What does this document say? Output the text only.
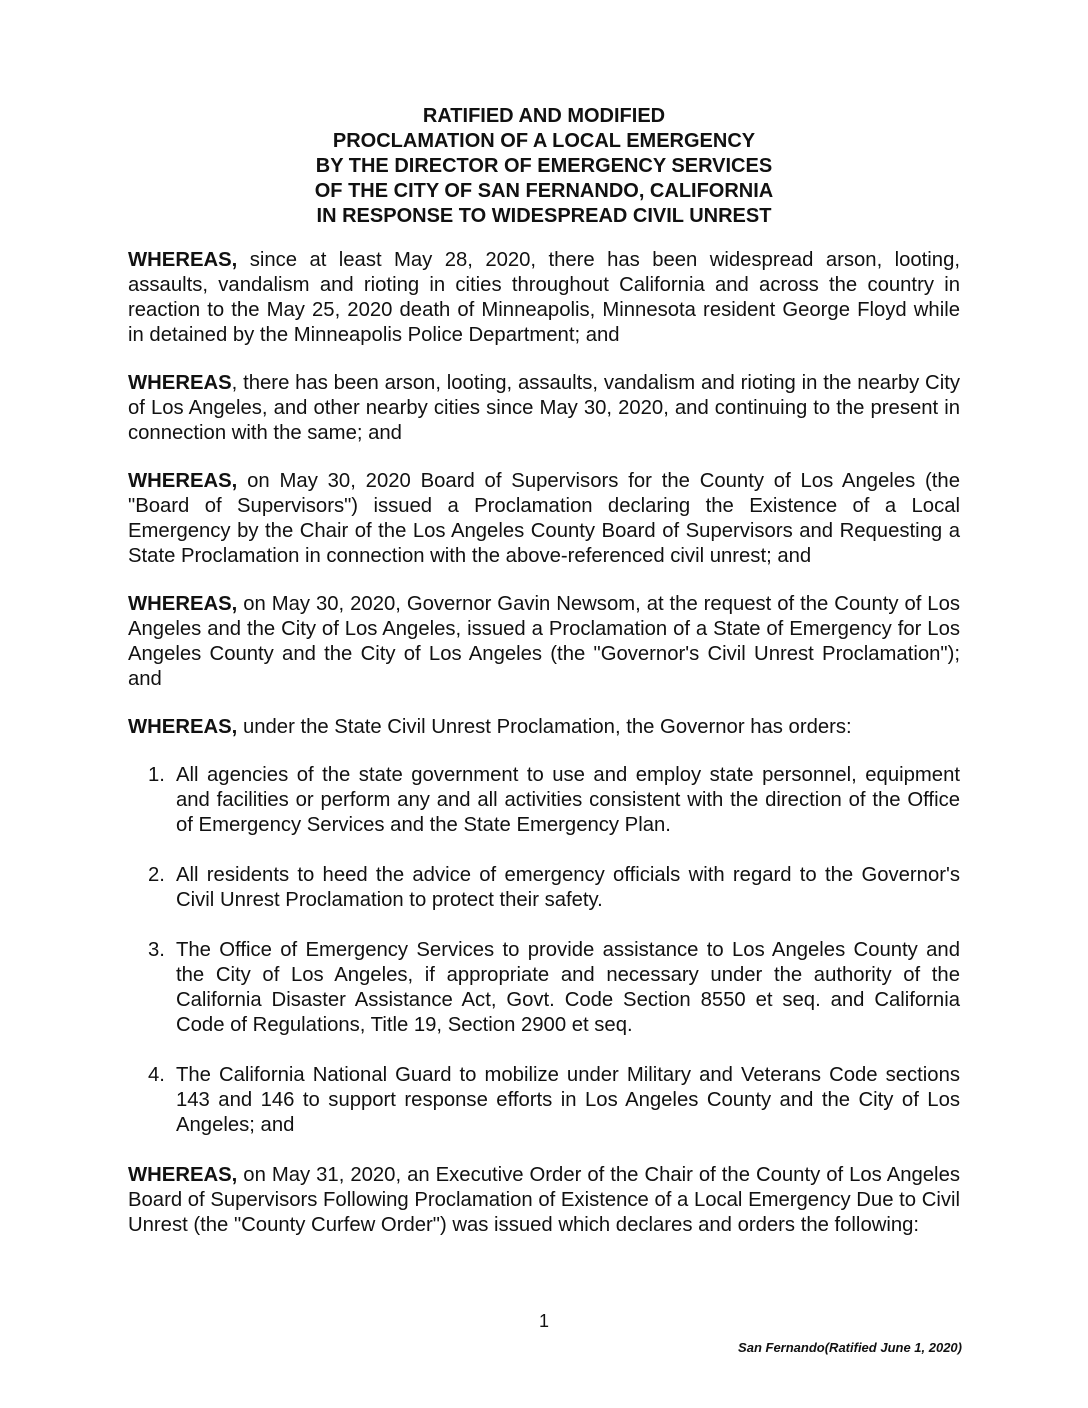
RATIFIED AND MODIFIED
PROCLAMATION OF A LOCAL EMERGENCY
BY THE DIRECTOR OF EMERGENCY SERVICES
OF THE CITY OF SAN FERNANDO, CALIFORNIA
IN RESPONSE TO WIDESPREAD CIVIL UNREST

WHEREAS, since at least May 28, 2020, there has been widespread arson, looting, assaults, vandalism and rioting in cities throughout California and across the country in reaction to the May 25, 2020 death of Minneapolis, Minnesota resident George Floyd while in detained by the Minneapolis Police Department; and

WHEREAS, there has been arson, looting, assaults, vandalism and rioting in the nearby City of Los Angeles, and other nearby cities since May 30, 2020, and continuing to the present in connection with the same; and

WHEREAS, on May 30, 2020 Board of Supervisors for the County of Los Angeles (the "Board of Supervisors") issued a Proclamation declaring the Existence of a Local Emergency by the Chair of the Los Angeles County Board of Supervisors and Requesting a State Proclamation in connection with the above-referenced civil unrest; and

WHEREAS, on May 30, 2020, Governor Gavin Newsom, at the request of the County of Los Angeles and the City of Los Angeles, issued a Proclamation of a State of Emergency for Los Angeles County and the City of Los Angeles (the "Governor's Civil Unrest Proclamation"); and

WHEREAS, under the State Civil Unrest Proclamation, the Governor has orders:

1. All agencies of the state government to use and employ state personnel, equipment and facilities or perform any and all activities consistent with the direction of the Office of Emergency Services and the State Emergency Plan.
2. All residents to heed the advice of emergency officials with regard to the Governor's Civil Unrest Proclamation to protect their safety.
3. The Office of Emergency Services to provide assistance to Los Angeles County and the City of Los Angeles, if appropriate and necessary under the authority of the California Disaster Assistance Act, Govt. Code Section 8550 et seq. and California Code of Regulations, Title 19, Section 2900 et seq.
4. The California National Guard to mobilize under Military and Veterans Code sections 143 and 146 to support response efforts in Los Angeles County and the City of Los Angeles; and

WHEREAS, on May 31, 2020, an Executive Order of the Chair of the County of Los Angeles Board of Supervisors Following Proclamation of Existence of a Local Emergency Due to Civil Unrest (the "County Curfew Order") was issued which declares and orders the following:

1
San Fernando(Ratified June 1, 2020)
